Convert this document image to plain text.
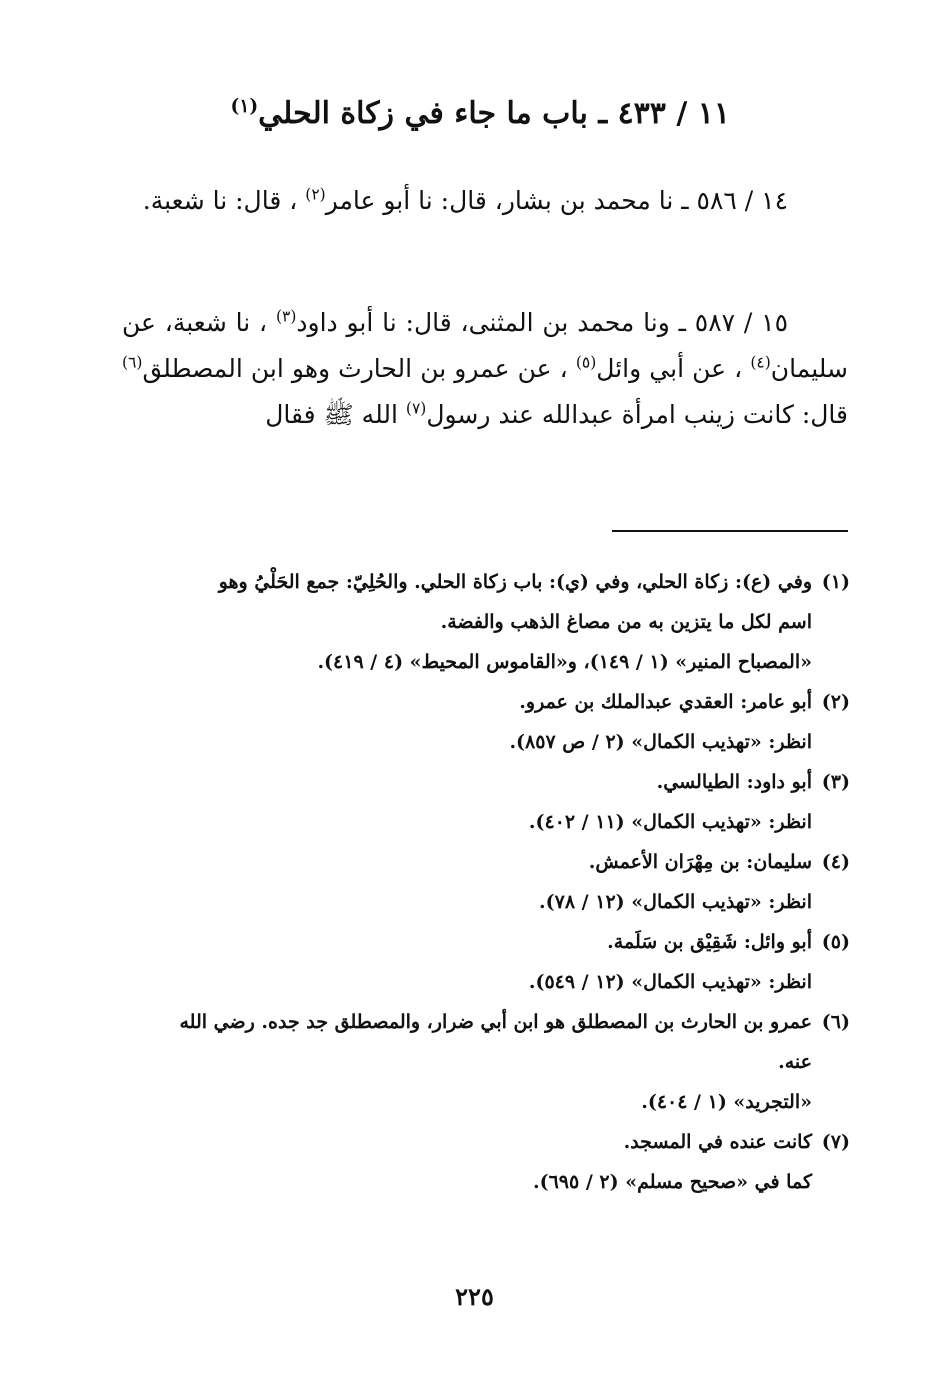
١١ / ٤٣٣ ـ باب ما جاء في زكاة الحلي$^{(١)}$
١٤ / ٥٨٦ ـ نا محمد بن بشار، قال: نا أبو عامر$^{(٢)}$ ، قال: نا شعبة.
١٥ / ٥٨٧ ـ ونا محمد بن المثنى، قال: نا أبو داود$^{(٣)}$ ، نا شعبة، عن سليمان$^{(٤)}$ ، عن أبي وائل$^{(٥)}$ ، عن عمرو بن الحارث وهو ابن المصطلق$^{(٦)}$ قال: كانت زينب امرأة عبدالله عند رسول$^{(٧)}$ الله ﷺ فقال
(١)وفي (ع): زكاة الحلي، وفي (ي): باب زكاة الحلي. والحُلِيّ: جمع الحَلْيُ وهو
اسم لكل ما يتزين به من مصاغ الذهب والفضة.
«المصباح المنير» (١ / ١٤٩)، و«القاموس المحيط» (٤ / ٤١٩).
(٢)أبو عامر: العقدي عبدالملك بن عمرو.
انظر: «تهذيب الكمال» (٢ / ص ٨٥٧).
(٣)أبو داود: الطيالسي.
انظر: «تهذيب الكمال» (١١ / ٤٠٢).
(٤)سليمان: بن مِهْرَان الأعمش.
انظر: «تهذيب الكمال» (١٢ / ٧٨).
(٥)أبو وائل: شَقِيْق بن سَلَمة.
انظر: «تهذيب الكمال» (١٢ / ٥٤٩).
(٦)عمرو بن الحارث بن المصطلق هو ابن أبي ضرار، والمصطلق جد جده. رضي الله
عنه.
«التجريد» (١ / ٤٠٤).
(٧)كانت عنده في المسجد.
كما في «صحيح مسلم» (٢ / ٦٩٥).
٢٢٥
